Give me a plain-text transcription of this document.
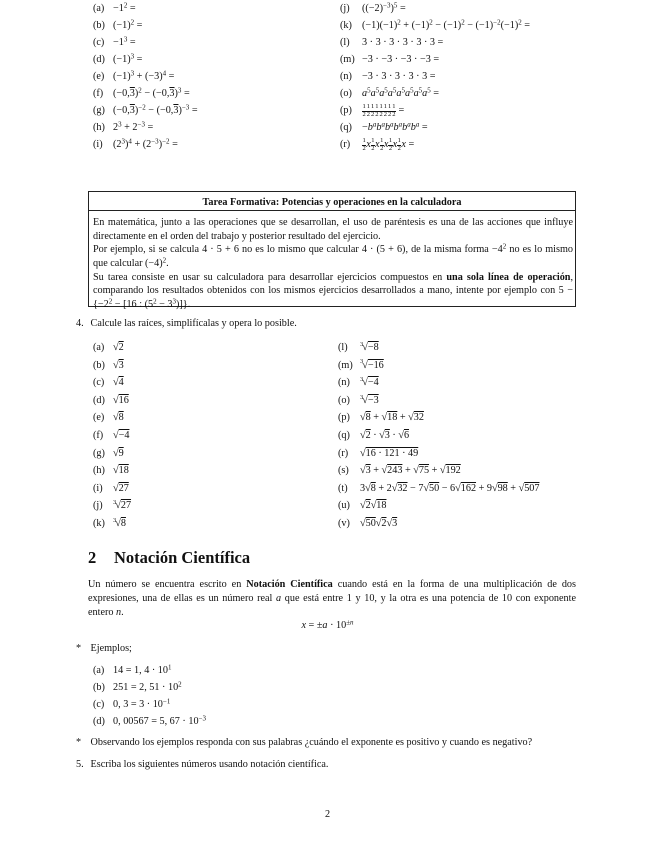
$(a) -1^2$ =
(b) $(-1)^2$ =
$(c) -1^3$ =
(d) $(-1)^3$ =
(e) $(-1)^3 + (-3)^4$ =
(f) $(-0,3)^2 - (-0,3)^3$ =
(g) $(-0,3)^{-2} - (-0,3)^{-3}$ =
(h) $2^3 + 2^{-3}$ =
(i) $(2^3)^4 + (2^{-3})^{-2}$ =
(j) $((-2)^{-3})^5$ =
(k) $(-1)(-1)^2 + (-1)^2 - (-1)^2 - (-1)^{-2}(-1)^2$ =
(l) 3 · 3 · 3 · 3 · 3 · 3 =
(m) −3 · −3 · −3 · −3 =
(n) −3 · 3 · 3 · 3 · 3 =
(o) $a^5a^5a^5a^5a^5a^5a^5a^5$ =
$(p) \frac{1}{2} \frac{1}{2} \frac{1}{2} \frac{1}{2} \frac{1}{2} \frac{1}{2} \frac{1}{2} \frac{1}{2}$ =
$(q) -b^ab^ab^ab^ab^ab^a$ =
$(r) \frac{1}{2}$ x $\frac{1}{2}$ x $\frac{1}{2}$ x $\frac{1}{2}$ x $\frac{1}{2}$ x =
Tarea Formativa: Potencias y operaciones en la calculadora

En matemática, junto a las operaciones que se desarrollan, el uso de paréntesis es una de las acciones que influye directamente en el orden del trabajo y posterior resultado del ejercicio.

Por ejemplo, si se calcula 4 · 5 + 6 no es lo mismo que calcular 4 · (5 + 6), de la misma forma $-4^2$ no es lo mismo que calcular $(-4)^2$.

Su tarea consiste en usar su calculadora para desarrollar ejercicios compuestos en una sola línea de operación, comparando los resultados obtenidos con los mismos ejercicios desarrollados a mano, intente por ejemplo con $5 - \{-2^2 - [16$ : $(5^2 - 3^3)$]}.

4. Calcule las raíces, simplifícalas y opera lo posible.
(a) √2
(b) √3
(c) √4
(d) √16
(e) √8
(f) √−4
(g) √9
(h) √18
(i) √27
(j) $^3$√27
(k) $^3$√8
(l) $^3$√−8
(m) $^3$√−16
(n) $^3$√−4
(o) $^3$√−3
(p) √8 + √18 + √32
(q) √2 · √3 · √6
(r) √16 · 121 · 49
(s) √3 + √243 + √75 + √192
(t) 3√8 + 2√32 − 7√50 − 6√162 + 9√98 + √507
(u) √2√18
(v) √50√2√3
2 Notación Científica
Un número se encuentra escrito en Notación Científica cuando está en la forma de una multiplicación de dos expresiones, una de ellas es un número real a que está entre 1 y 10, y la otra es una potencia de 10 con exponente entero n.
$x = \pm a \cdot 10^{\pm n}$
* Ejemplos;
(a) 14 = 1, $4 \cdot 10^1$
(b) 251 = 2, $51 \cdot 10^2$
(c) 0, $3 = 3 \cdot 10^{-1}$
(d) 0, 00567 = 5, $67 \cdot 10^{-3}$
* Observando los ejemplos responda con sus palabras ¿cuándo el exponente es positivo y cuando es negativo?
5. Escriba los siguientes números usando notación científica.
2
